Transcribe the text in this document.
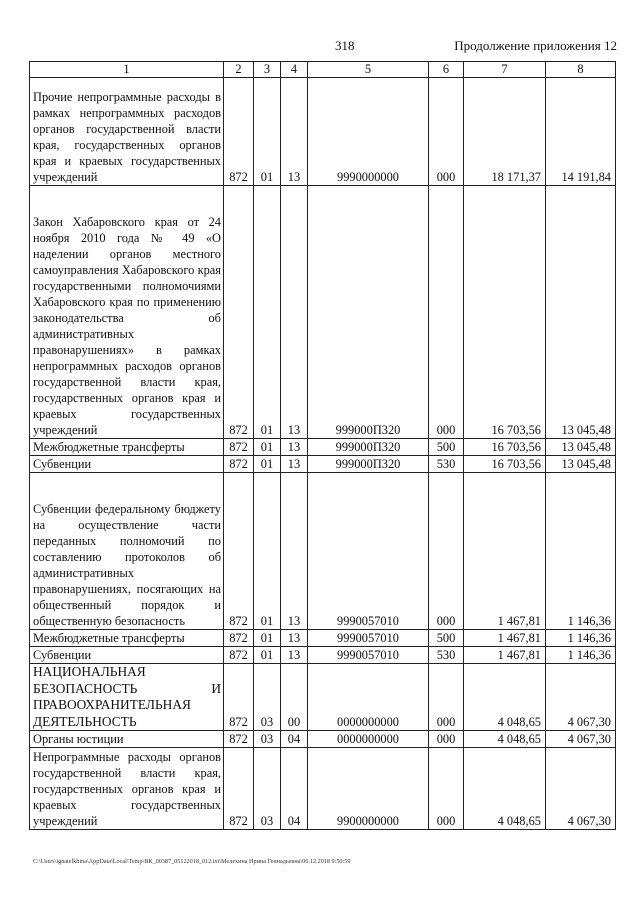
318	Продолжение приложения 12
1	2	3	4	5	6	7	8
Прочие непрограммные расходы в рамках непрограммных расходов органов государственной власти края, государственных органов края и краевых государственных учреждений	872	01	13	9990000000	000	18 171,37	14 191,84
Закон Хабаровского края от 24 ноября 2010 года № 49 «О наделении органов местного самоуправления Хабаровского края государственными полномочиями Хабаровского края по применению законодательства об административных правонарушениях» в рамках непрограммных расходов органов государственной власти края, государственных органов края и краевых государственных учреждений	872	01	13	999000П320	000	16 703,56	13 045,48
Межбюджетные трансферты	872	01	13	999000П320	500	16 703,56	13 045,48
Субвенции	872	01	13	999000П320	530	16 703,56	13 045,48
Субвенции федеральному бюджету на осуществление части переданных полномочий по составлению протоколов об административных правонарушениях, посягающих на общественный порядок и общественную безопасность	872	01	13	9990057010	000	1 467,81	1 146,36
Межбюджетные трансферты	872	01	13	9990057010	500	1 467,81	1 146,36
Субвенции	872	01	13	9990057010	530	1 467,81	1 146,36
НАЦИОНАЛЬНАЯ БЕЗОПАСНОСТЬ И ПРАВООХРАНИТЕЛЬНАЯ ДЕЯТЕЛЬНОСТЬ	872	03	00	0000000000	000	4 048,65	4 067,30
Органы юстиции	872	03	04	0000000000	000	4 048,65	4 067,30
Непрограммные расходы органов государственной власти края, государственных органов края и краевых государственных учреждений	872	03	04	9900000000	000	4 048,65	4 067,30
C:\Users\ignatelkhina\AppData\Local\Temp\ВК_00387_05122018_012.txt\Мелехина Ирина Геннадьевна\06.12.2018 9:50:59
